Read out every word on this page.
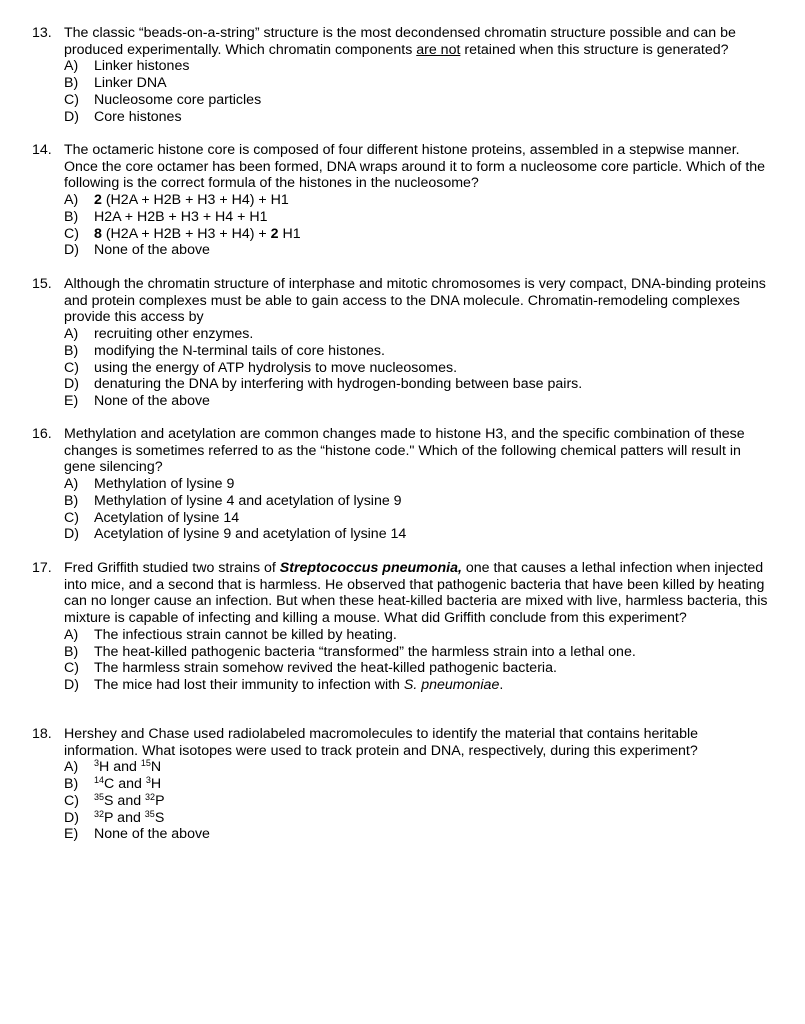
13. The classic “beads-on-a-string” structure is the most decondensed chromatin structure possible and can be produced experimentally. Which chromatin components are not retained when this structure is generated?
A) Linker histones
B) Linker DNA
C) Nucleosome core particles
D) Core histones
14. The octameric histone core is composed of four different histone proteins, assembled in a stepwise manner. Once the core octamer has been formed, DNA wraps around it to form a nucleosome core particle. Which of the following is the correct formula of the histones in the nucleosome?
A) 2 (H2A + H2B + H3 + H4) + H1
B) H2A + H2B + H3 + H4 + H1
C) 8 (H2A + H2B + H3 + H4) + 2 H1
D) None of the above
15. Although the chromatin structure of interphase and mitotic chromosomes is very compact, DNA-binding proteins and protein complexes must be able to gain access to the DNA molecule. Chromatin-remodeling complexes provide this access by
A) recruiting other enzymes.
B) modifying the N-terminal tails of core histones.
C) using the energy of ATP hydrolysis to move nucleosomes.
D) denaturing the DNA by interfering with hydrogen-bonding between base pairs.
E) None of the above
16. Methylation and acetylation are common changes made to histone H3, and the specific combination of these changes is sometimes referred to as the “histone code." Which of the following chemical patters will result in gene silencing?
A) Methylation of lysine 9
B) Methylation of lysine 4 and acetylation of lysine 9
C) Acetylation of lysine 14
D) Acetylation of lysine 9 and acetylation of lysine 14
17. Fred Griffith studied two strains of Streptococcus pneumonia, one that causes a lethal infection when injected into mice, and a second that is harmless. He observed that pathogenic bacteria that have been killed by heating can no longer cause an infection. But when these heat-killed bacteria are mixed with live, harmless bacteria, this mixture is capable of infecting and killing a mouse. What did Griffith conclude from this experiment?
A) The infectious strain cannot be killed by heating.
B) The heat-killed pathogenic bacteria “transformed” the harmless strain into a lethal one.
C) The harmless strain somehow revived the heat-killed pathogenic bacteria.
D) The mice had lost their immunity to infection with S. pneumoniae.
18. Hershey and Chase used radiolabeled macromolecules to identify the material that contains heritable information. What isotopes were used to track protein and DNA, respectively, during this experiment?
A) $^3$H and $^{15}$N
B) $^{14}$C and $^3$H
C) $^{35}$S and $^{32}$P
D) $^{32}$P and $^{35}$S
E) None of the above
